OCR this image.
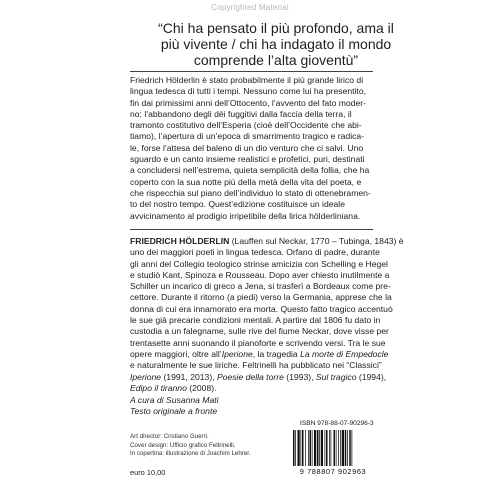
Copyrighted Material
“Chi ha pensato il più profondo, ama il
più vivente / chi ha indagato il mondo
comprende l’alta gioventù”
Friedrich Hölderlin è stato probabilmente il più grande lirico di
lingua tedesca di tutti i tempi. Nessuno come lui ha presentito,
fin dai primissimi anni dell’Ottocento, l’avvento del fato moder-
no: l’abbandono degli dèi fuggitivi dalla faccia della terra, il
tramonto costitutivo dell’Esperia (cioè dell’Occidente che abi-
tiamo), l’apertura di un’epoca di smarrimento tragico e radica-
le, forse l’attesa del baleno di un dio venturo che ci salvi. Uno
sguardo e un canto insieme realistici e profetici, puri, destinati
a concludersi nell’estrema, quieta semplicità della follia, che ha
coperto con la sua notte più della metà della vita del poeta, e
che rispecchia sul piano dell’individuo lo stato di ottenebramen-
to del nostro tempo. Quest’edizione costituisce un ideale
avvicinamento al prodigio irripetibile della lirica hölderliniana.
FRIEDRICH HÖLDERLIN (Lauffen sul Neckar, 1770 – Tubinga, 1843) è
uno dei maggiori poeti in lingua tedesca. Orfano di padre, durante
gli anni del Collegio teologico strinse amicizia con Schelling e Hegel
e studiò Kant, Spinoza e Rousseau. Dopo aver chiesto inutilmente a
Schiller un incarico di greco a Jena, si trasferì a Bordeaux come pre-
cettore. Durante il ritorno (a piedi) verso la Germania, apprese che la
donna di cui era innamorato era morta. Questo fatto tragico accentuò
le sue già precarie condizioni mentali. A partire dal 1806 fu dato in
custodia a un falegname, sulle rive del fiume Neckar, dove visse per
trentasette anni suonando il pianoforte e scrivendo versi. Tra le sue
opere maggiori, oltre all’Iperione, la tragedia La morte di Empedocle
e naturalmente le sue liriche. Feltrinelli ha pubblicato nei “Classici”
Iperione (1991, 2013), Poesie della torre (1993), Sul tragico (1994),
Edipo il tiranno (2008).
A cura di Susanna Mati
Testo originale a fronte
Art director: Cristiano Guerri.
Cover design: Ufficio grafico Feltrinelli.
In copertina: illustrazione di Joachim Lehrer.
euro 10,00
ISBN 978-88-07-90296-3
9 788807 902963
